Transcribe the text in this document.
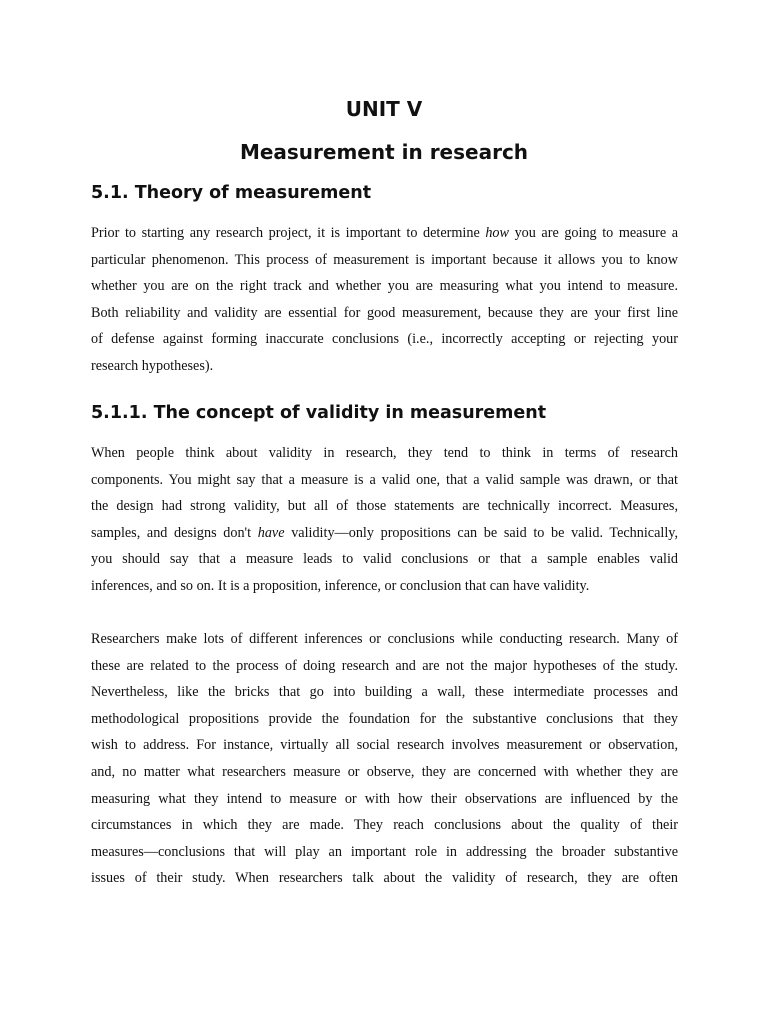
UNIT V
Measurement in research
5.1. Theory of measurement
Prior to starting any research project, it is important to determine how you are going to measure a
particular phenomenon. This process of measurement is important because it allows you to know
whether you are on the right track and whether you are measuring what you intend to measure.
Both reliability and validity are essential for good measurement, because they are your first line
of defense against forming inaccurate conclusions (i.e., incorrectly accepting or rejecting your
research hypotheses).
5.1.1. The concept of validity in measurement
When people think about validity in research, they tend to think in terms of research
components. You might say that a measure is a valid one, that a valid sample was drawn, or that
the design had strong validity, but all of those statements are technically incorrect. Measures,
samples, and designs don't have validity—only propositions can be said to be valid. Technically,
you should say that a measure leads to valid conclusions or that a sample enables valid
inferences, and so on. It is a proposition, inference, or conclusion that can have validity.
Researchers make lots of different inferences or conclusions while conducting research. Many of
these are related to the process of doing research and are not the major hypotheses of the study.
Nevertheless, like the bricks that go into building a wall, these intermediate processes and
methodological propositions provide the foundation for the substantive conclusions that they
wish to address. For instance, virtually all social research involves measurement or observation,
and, no matter what researchers measure or observe, they are concerned with whether they are
measuring what they intend to measure or with how their observations are influenced by the
circumstances in which they are made. They reach conclusions about the quality of their
measures—conclusions that will play an important role in addressing the broader substantive
issues of their study. When researchers talk about the validity of research, they are often
